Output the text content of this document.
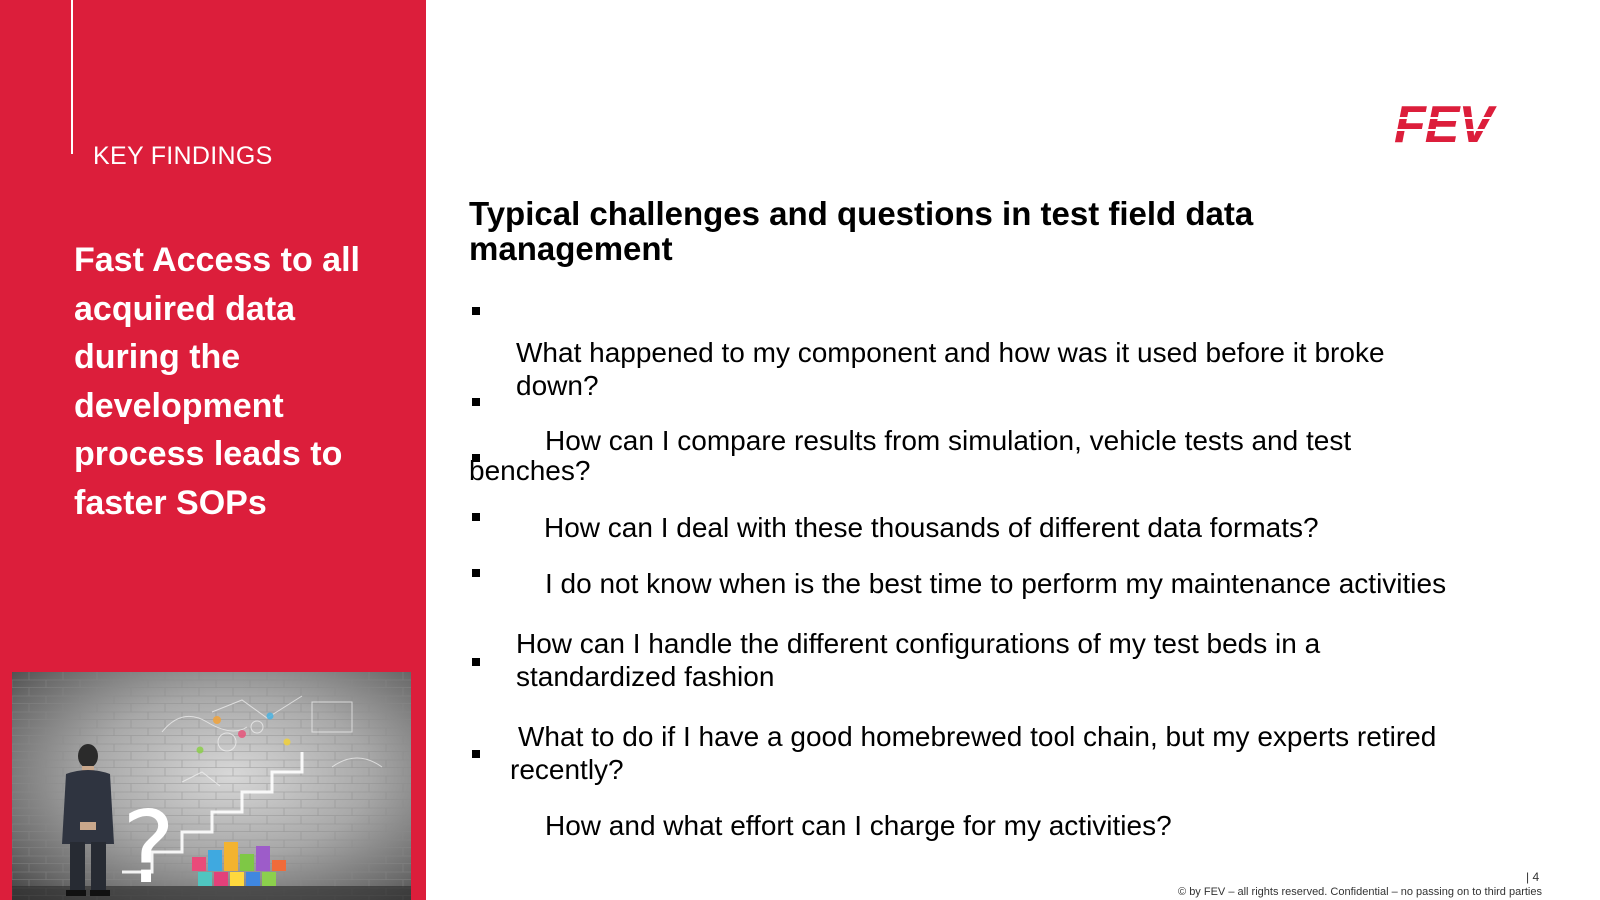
KEY FINDINGS
Fast Access to all acquired data during the development process leads to faster SOPs
?
FEV
Typical challenges and questions in test field data management
What happened to my component and how was it used before it broke
down?
How can I compare results from simulation, vehicle tests and test
benches?
How can I deal with these thousands of different data formats?
I do not know when is the best time to perform my maintenance activities
How can I handle the different configurations of my test beds in a
standardized fashion
What to do if I have a good homebrewed tool chain, but my experts retired
recently?
How and what effort can I charge for my activities?
| 4
© by FEV – all rights reserved. Confidential – no passing on to third parties
